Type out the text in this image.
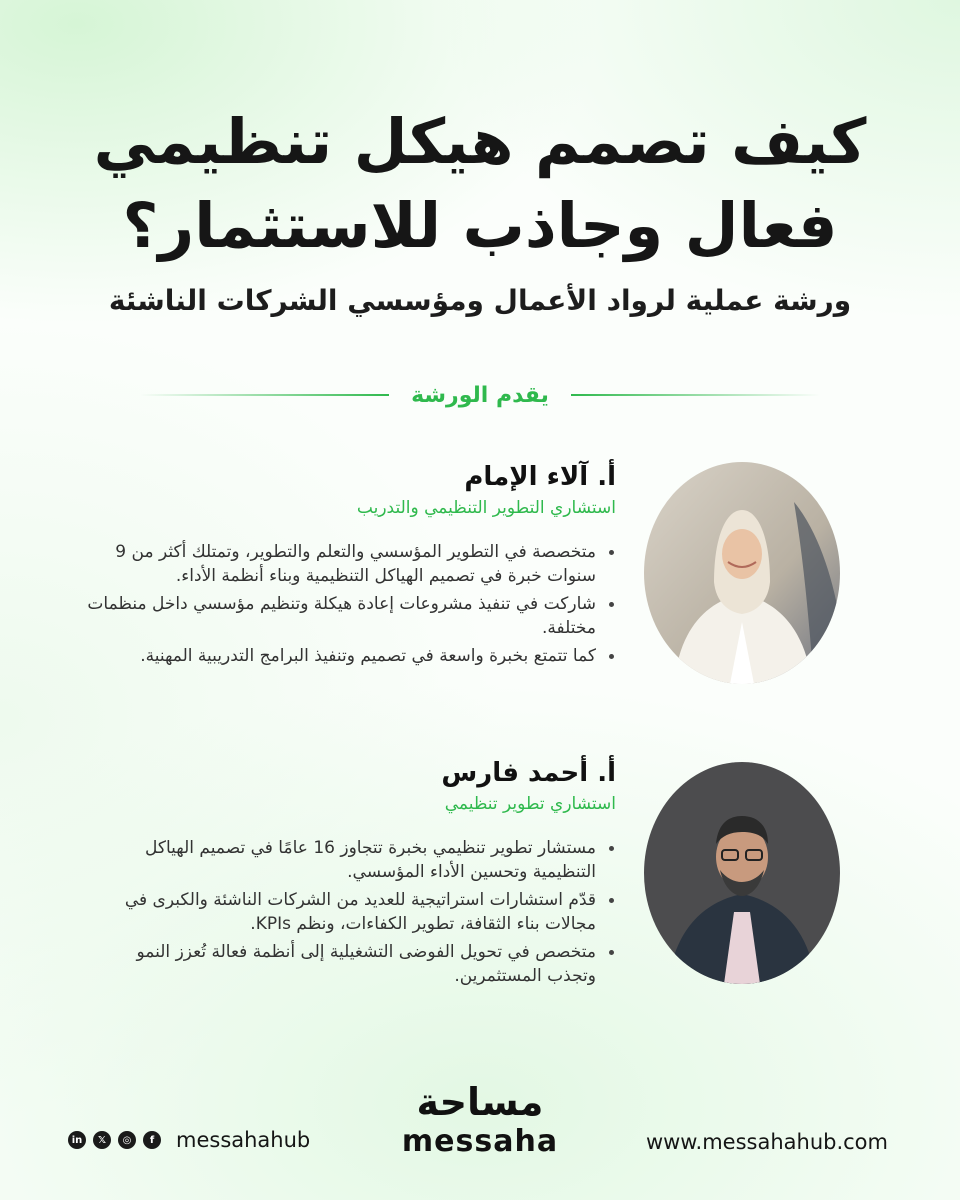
كيف تصمم هيكل تنظيمي
فعال وجاذب للاستثمار؟

ورشة عملية لرواد الأعمال ومؤسسي الشركات الناشئة

يقدم الورشة
أ. آلاء الإمام

استشاري التطوير التنظيمي والتدريب

متخصصة في التطوير المؤسسي والتعلم والتطوير، وتمتلك أكثر من 9 سنوات خبرة في تصميم الهياكل التنظيمية وبناء أنظمة الأداء.
شاركت في تنفيذ مشروعات إعادة هيكلة وتنظيم مؤسسي داخل منظمات مختلفة.
كما تتمتع بخبرة واسعة في تصميم وتنفيذ البرامج التدريبية المهنية.
أ. أحمد فارس

استشاري تطوير تنظيمي

مستشار تطوير تنظيمي بخبرة تتجاوز 16 عامًا في تصميم الهياكل التنظيمية وتحسين الأداء المؤسسي.
قدّم استشارات استراتيجية للعديد من الشركات الناشئة والكبرى في مجالات بناء الثقافة، تطوير الكفاءات، ونظم KPIs.
متخصص في تحويل الفوضى التشغيلية إلى أنظمة فعالة تُعزز النمو وتجذب المستثمرين.

مساحة

messaha

in	𝕏	◎	f	messahahub	www.messahahub.com
